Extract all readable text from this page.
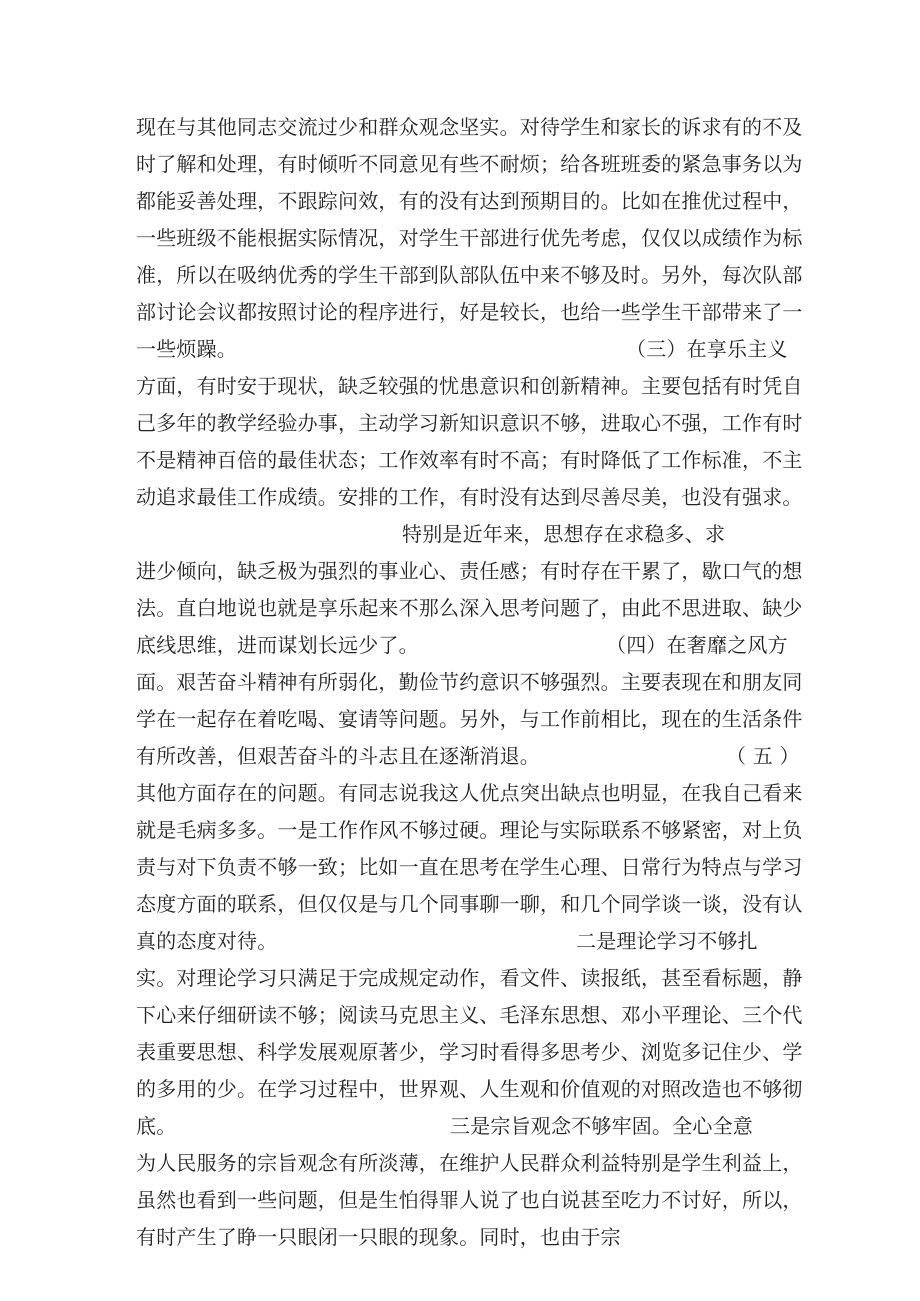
现在与其他同志交流过少和群众观念坚实。对待学生和家长的诉求有的不及
时了解和处理，有时倾听不同意见有些不耐烦；给各班班委的紧急事务以为
都能妥善处理，不跟踪问效，有的没有达到预期目的。比如在推优过程中，
一些班级不能根据实际情况，对学生干部进行优先考虑，仅仅以成绩作为标
准，所以在吸纳优秀的学生干部到队部队伍中来不够及时。另外，每次队部
部讨论会议都按照讨论的程序进行，好是较长，也给一些学生干部带来了一
一些烦躁。	（三）在享乐主义
方面，有时安于现状，缺乏较强的忧患意识和创新精神。主要包括有时凭自
己多年的教学经验办事，主动学习新知识意识不够，进取心不强，工作有时
不是精神百倍的最佳状态；工作效率有时不高；有时降低了工作标准，不主
动追求最佳工作成绩。安排的工作，有时没有达到尽善尽美，也没有强求。
特别是近年来，思想存在求稳多、求
进少倾向，缺乏极为强烈的事业心、责任感；有时存在干累了，歇口气的想
法。直白地说也就是享乐起来不那么深入思考问题了，由此不思进取、缺少
底线思维，进而谋划长远少了。	（四）在奢靡之风方
面。艰苦奋斗精神有所弱化，勤俭节约意识不够强烈。主要表现在和朋友同
学在一起存在着吃喝、宴请等问题。另外，与工作前相比，现在的生活条件
有所改善，但艰苦奋斗的斗志且在逐渐消退。	（ 五 ）
其他方面存在的问题。有同志说我这人优点突出缺点也明显，在我自己看来
就是毛病多多。一是工作作风不够过硬。理论与实际联系不够紧密，对上负
责与对下负责不够一致；比如一直在思考在学生心理、日常行为特点与学习
态度方面的联系，但仅仅是与几个同事聊一聊，和几个同学谈一谈，没有认
真的态度对待。	二是理论学习不够扎
实。对理论学习只满足于完成规定动作，看文件、读报纸，甚至看标题，静
下心来仔细研读不够；阅读马克思主义、毛泽东思想、邓小平理论、三个代
表重要思想、科学发展观原著少，学习时看得多思考少、浏览多记住少、学
的多用的少。在学习过程中，世界观、人生观和价值观的对照改造也不够彻
底。	三是宗旨观念不够牢固。全心全意
为人民服务的宗旨观念有所淡薄，在维护人民群众利益特别是学生利益上，
虽然也看到一些问题，但是生怕得罪人说了也白说甚至吃力不讨好，所以，
有时产生了睁一只眼闭一只眼的现象。同时，也由于宗
